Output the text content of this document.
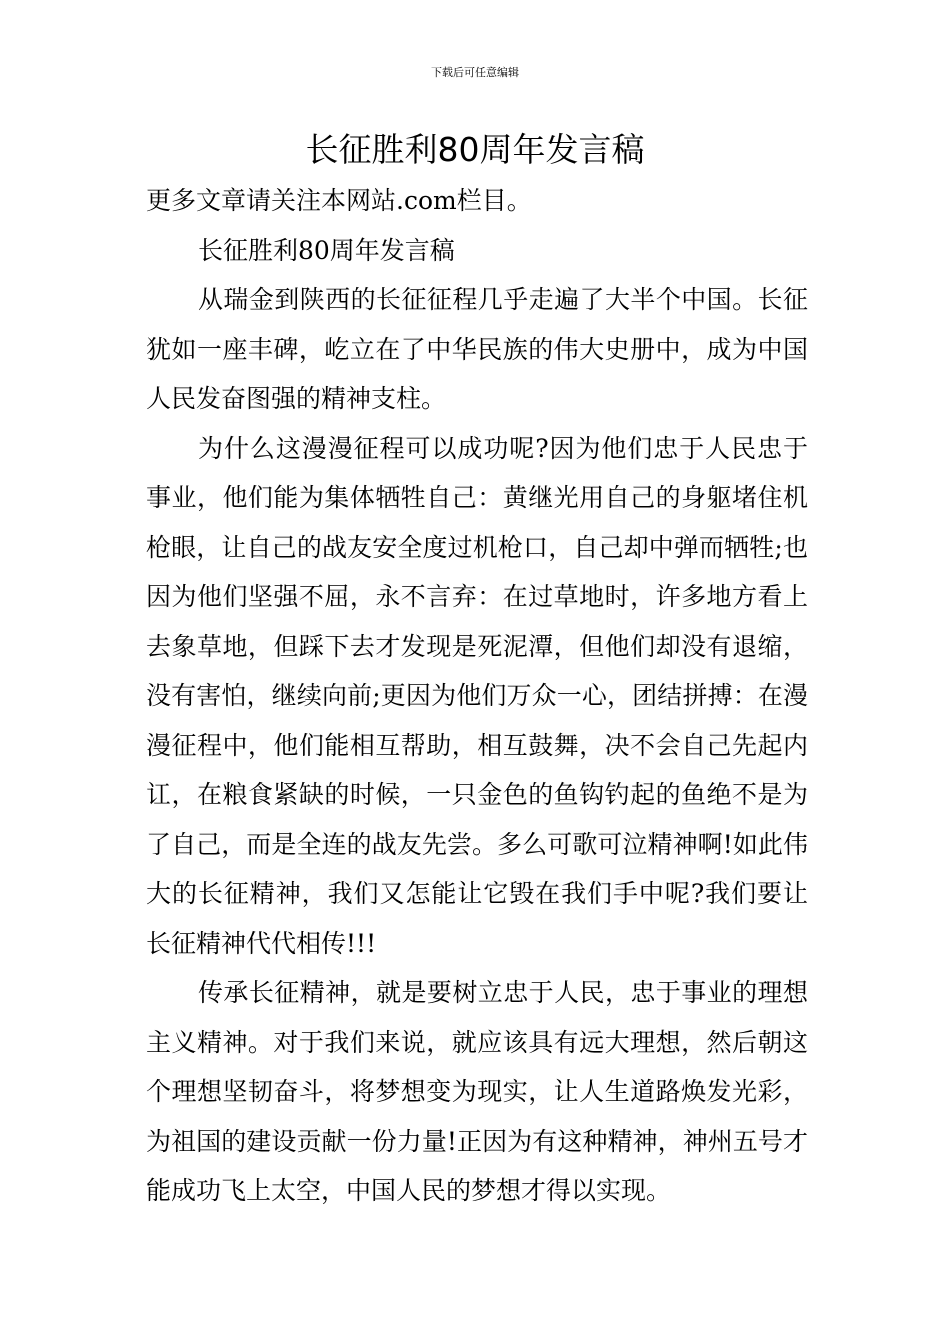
下载后可任意编辑
长征胜利80周年发言稿

更多文章请关注本网站.com栏目。

长征胜利80周年发言稿

从瑞金到陕西的长征征程几乎走遍了大半个中国。长征犹如一座丰碑，屹立在了中华民族的伟大史册中，成为中国人民发奋图强的精神支柱。

为什么这漫漫征程可以成功呢?因为他们忠于人民忠于事业，他们能为集体牺牲自己：黄继光用自己的身躯堵住机枪眼，让自己的战友安全度过机枪口，自己却中弹而牺牲;也因为他们坚强不屈，永不言弃：在过草地时，许多地方看上去象草地，但踩下去才发现是死泥潭，但他们却没有退缩，没有害怕，继续向前;更因为他们万众一心，团结拼搏：在漫漫征程中，他们能相互帮助，相互鼓舞，决不会自己先起内讧，在粮食紧缺的时候，一只金色的鱼钩钓起的鱼绝不是为了自己，而是全连的战友先尝。多么可歌可泣精神啊!如此伟大的长征精神，我们又怎能让它毁在我们手中呢?我们要让长征精神代代相传!!!

传承长征精神，就是要树立忠于人民，忠于事业的理想主义精神。对于我们来说，就应该具有远大理想，然后朝这个理想坚韧奋斗，将梦想变为现实，让人生道路焕发光彩，为祖国的建设贡献一份力量!正因为有这种精神，神州五号才能成功飞上太空，中国人民的梦想才得以实现。
